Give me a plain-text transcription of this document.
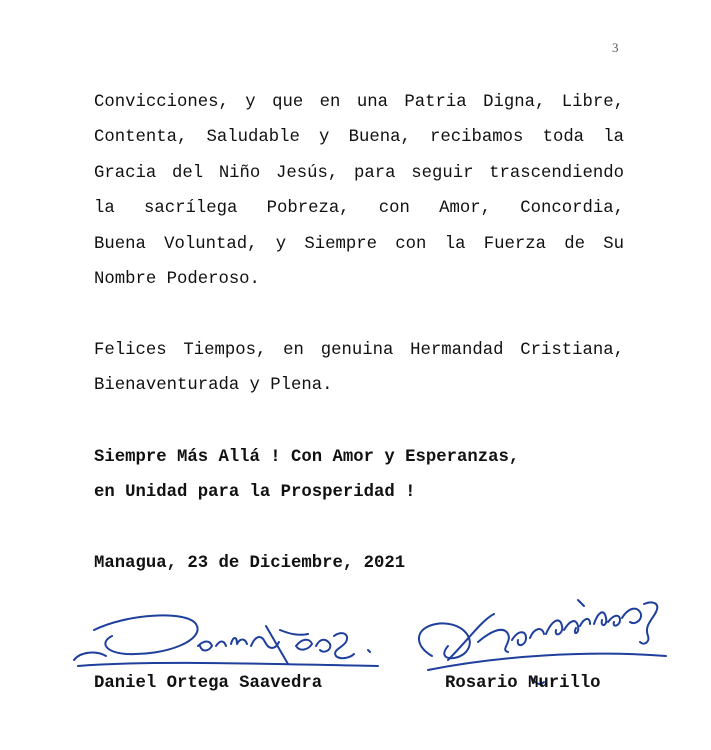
3
Convicciones, y que en una Patria Digna, Libre,
Contenta, Saludable y Buena, recibamos toda la
Gracia del Niño Jesús, para seguir trascendiendo
la sacrílega Pobreza, con Amor, Concordia,
Buena Voluntad, y Siempre con la Fuerza de Su
Nombre Poderoso.
Felices Tiempos, en genuina Hermandad Cristiana,
Bienaventurada y Plena.
Siempre Más Allá ! Con Amor y Esperanzas,
en Unidad para la Prosperidad !
Managua, 23 de Diciembre, 2021
Daniel Ortega Saavedra	Rosario Murillo
